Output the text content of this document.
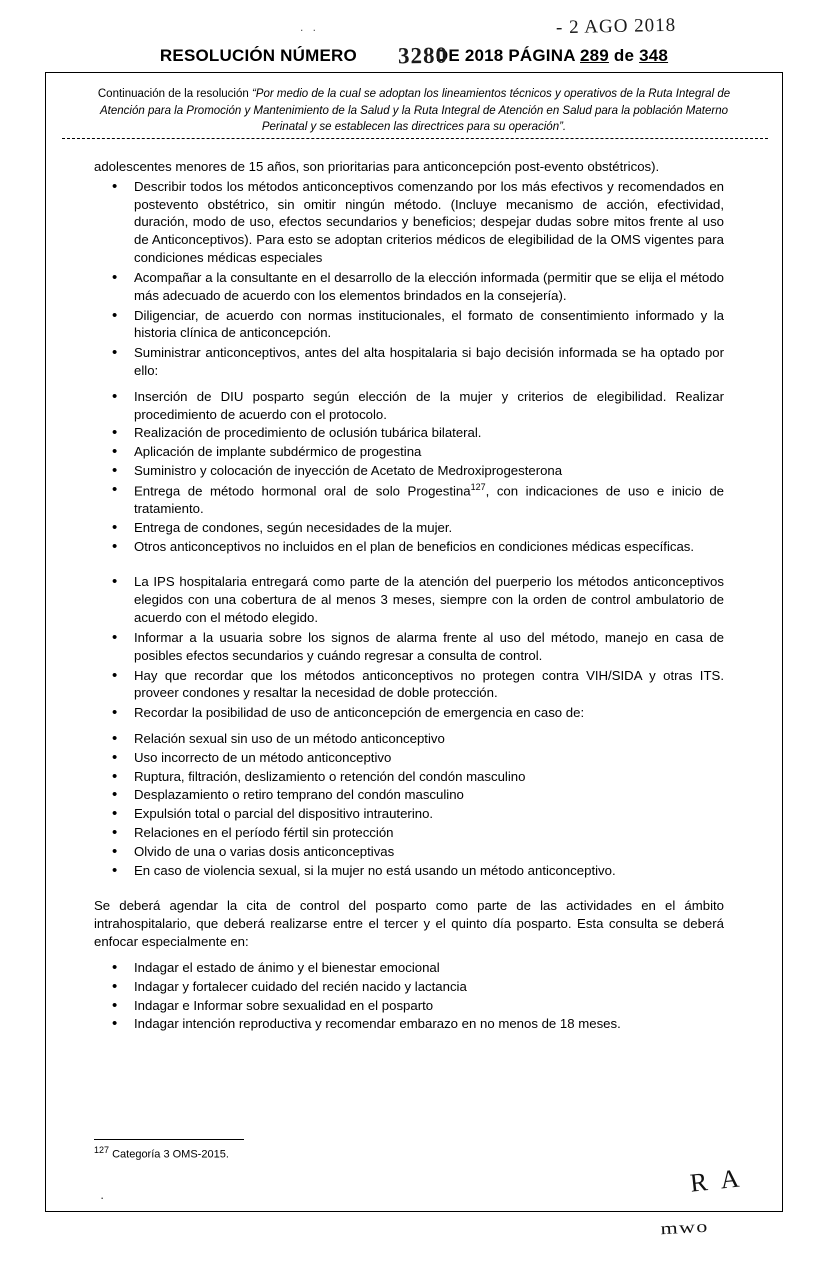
. .	- 2 AGO 2018
RESOLUCIÓN NÚMERO	DE 2018 PÁGINA 289 de 348
3280
Continuación de la resolución “Por medio de la cual se adoptan los lineamientos técnicos y operativos de la Ruta Integral de Atención para la Promoción y Mantenimiento de la Salud y la Ruta Integral de Atención en Salud para la población Materno Perinatal y se establecen las directrices para su operación”.

adolescentes menores de 15 años, son prioritarias para anticoncepción post-evento obstétricos).

• Describir todos los métodos anticonceptivos comenzando por los más efectivos y recomendados en postevento obstétrico, sin omitir ningún método. (Incluye mecanismo de acción, efectividad, duración, modo de uso, efectos secundarios y beneficios; despejar dudas sobre mitos frente al uso de Anticonceptivos). Para esto se adoptan criterios médicos de elegibilidad de la OMS vigentes para condiciones médicas especiales
• Acompañar a la consultante en el desarrollo de la elección informada (permitir que se elija el método más adecuado de acuerdo con los elementos brindados en la consejería).
• Diligenciar, de acuerdo con normas institucionales, el formato de consentimiento informado y la historia clínica de anticoncepción.
• Suministrar anticonceptivos, antes del alta hospitalaria si bajo decisión informada se ha optado por ello:
• Inserción de DIU posparto según elección de la mujer y criterios de elegibilidad. Realizar procedimiento de acuerdo con el protocolo.
• Realización de procedimiento de oclusión tubárica bilateral.
• Aplicación de implante subdérmico de progestina
• Suministro y colocación de inyección de Acetato de Medroxiprogesterona
• Entrega de método hormonal oral de solo Progestina$^{127}$, con indicaciones de uso e inicio de tratamiento.
• Entrega de condones, según necesidades de la mujer.
• Otros anticonceptivos no incluidos en el plan de beneficios en condiciones médicas específicas.
• La IPS hospitalaria entregará como parte de la atención del puerperio los métodos anticonceptivos elegidos con una cobertura de al menos 3 meses, siempre con la orden de control ambulatorio de acuerdo con el método elegido.
• Informar a la usuaria sobre los signos de alarma frente al uso del método, manejo en casa de posibles efectos secundarios y cuándo regresar a consulta de control.
• Hay que recordar que los métodos anticonceptivos no protegen contra VIH/SIDA y otras ITS. proveer condones y resaltar la necesidad de doble protección.
• Recordar la posibilidad de uso de anticoncepción de emergencia en caso de:
• Relación sexual sin uso de un método anticonceptivo
• Uso incorrecto de un método anticonceptivo
• Ruptura, filtración, deslizamiento o retención del condón masculino
• Desplazamiento o retiro temprano del condón masculino
• Expulsión total o parcial del dispositivo intrauterino.
• Relaciones en el período fértil sin protección
• Olvido de una o varias dosis anticonceptivas
• En caso de violencia sexual, si la mujer no está usando un método anticonceptivo.

Se deberá agendar la cita de control del posparto como parte de las actividades en el ámbito intrahospitalario, que deberá realizarse entre el tercer y el quinto día posparto. Esta consulta se deberá enfocar especialmente en:

• Indagar el estado de ánimo y el bienestar emocional
• Indagar y fortalecer cuidado del recién nacido y lactancia
• Indagar e Informar sobre sexualidad en el posparto
• Indagar intención reproductiva y recomendar embarazo en no menos de 18 meses.
$^{127}$ Categoría 3 OMS-2015.
·	R A
mwo
